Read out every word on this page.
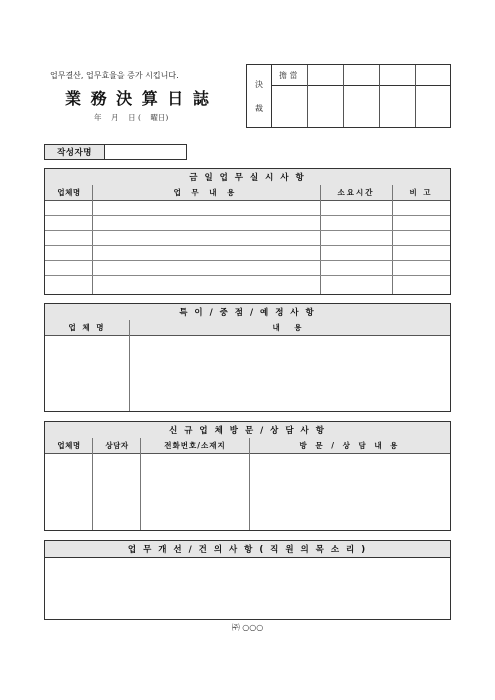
업무결산, 업무효율을 증가 시킵니다.
業 務 決 算 日 誌
年    月    日 (    曜日)
決
裁
擔 當
작성자명
금 일 업 무 실 시 사 항
업체명	업 무 내 용	소요시간	비 고
특 이 / 중 점 / 예 정 사 항
업 체 명	내 용
신 규 업 체 방 문 / 상 담 사 항
업체명	상담자	전화번호/소재지	방 문 / 상 담 내 용
업 무 개 선 / 건 의 사 항 ( 직 원 의 목 소 리 )
㈜ ○○○
